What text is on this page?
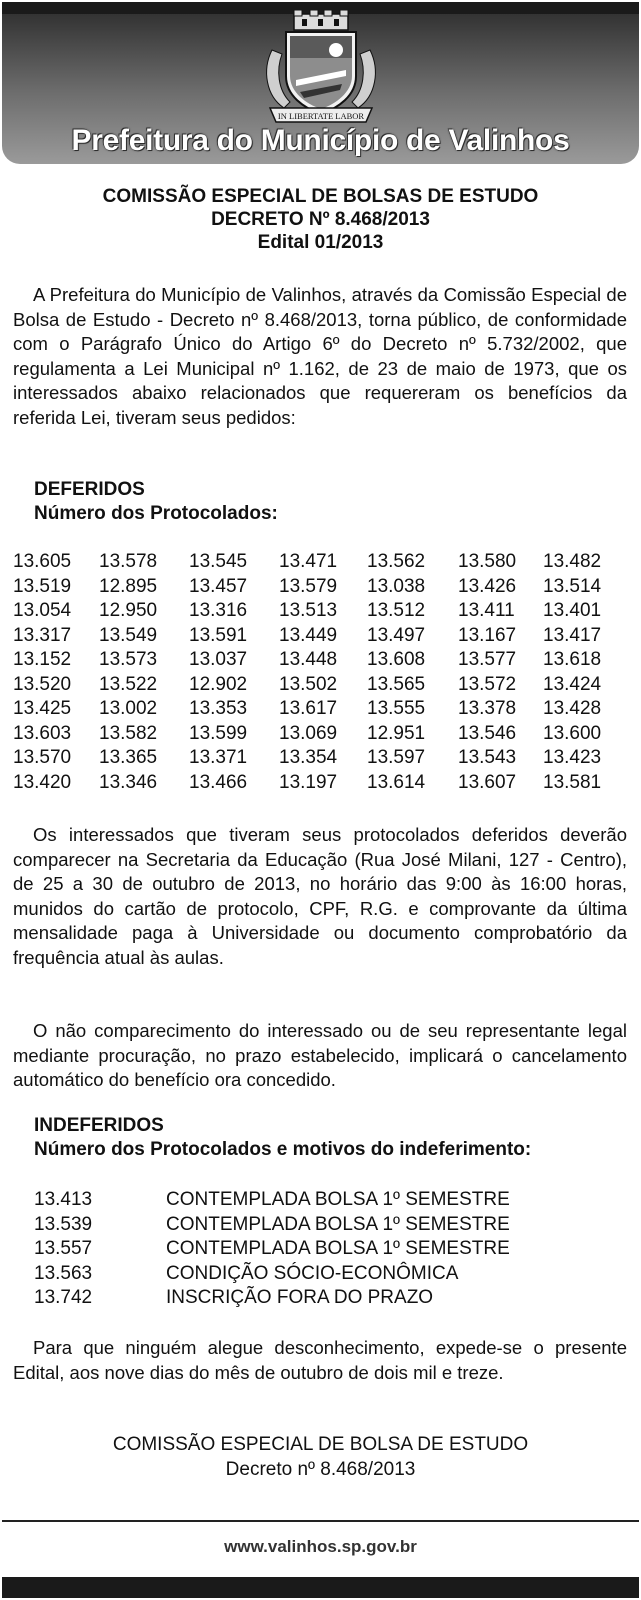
IN LIBERTATE LABOR
Prefeitura do Município de Valinhos
COMISSÃO ESPECIAL DE BOLSAS DE ESTUDO
DECRETO Nº 8.468/2013
Edital 01/2013
A Prefeitura do Município de Valinhos, através da Comissão Especial de Bolsa de Estudo - Decreto nº 8.468/2013, torna público, de conformidade com o Parágrafo Único do Artigo 6º do Decreto nº 5.732/2002, que regulamenta a Lei Municipal nº 1.162, de 23 de maio de 1973, que os interessados abaixo relacionados que requereram os benefícios da referida Lei, tiveram seus pedidos:
DEFERIDOS
Número dos Protocolados:
13.605	13.578	13.545	13.471	13.562	13.580	13.482
13.519	12.895	13.457	13.579	13.038	13.426	13.514
13.054	12.950	13.316	13.513	13.512	13.411	13.401
13.317	13.549	13.591	13.449	13.497	13.167	13.417
13.152	13.573	13.037	13.448	13.608	13.577	13.618
13.520	13.522	12.902	13.502	13.565	13.572	13.424
13.425	13.002	13.353	13.617	13.555	13.378	13.428
13.603	13.582	13.599	13.069	12.951	13.546	13.600
13.570	13.365	13.371	13.354	13.597	13.543	13.423
13.420	13.346	13.466	13.197	13.614	13.607	13.581
Os interessados que tiveram seus protocolados deferidos deverão comparecer na Secretaria da Educação (Rua José Milani, 127 - Centro), de 25 a 30 de outubro de 2013, no horário das 9:00 às 16:00 horas, munidos do cartão de protocolo, CPF, R.G. e comprovante da última mensalidade paga à Universidade ou documento comprobatório da frequência atual às aulas.
O não comparecimento do interessado ou de seu representante legal mediante procuração, no prazo estabelecido, implicará o cancelamento automático do benefício ora concedido.
INDEFERIDOS
Número dos Protocolados e motivos do indeferimento:
13.413	CONTEMPLADA BOLSA 1º SEMESTRE
13.539	CONTEMPLADA BOLSA 1º SEMESTRE
13.557	CONTEMPLADA BOLSA 1º SEMESTRE
13.563	CONDIÇÃO SÓCIO-ECONÔMICA
13.742	INSCRIÇÃO FORA DO PRAZO
Para que ninguém alegue desconhecimento, expede-se o presente Edital, aos nove dias do mês de outubro de dois mil e treze.
COMISSÃO ESPECIAL DE BOLSA DE ESTUDO
Decreto nº 8.468/2013
www.valinhos.sp.gov.br
